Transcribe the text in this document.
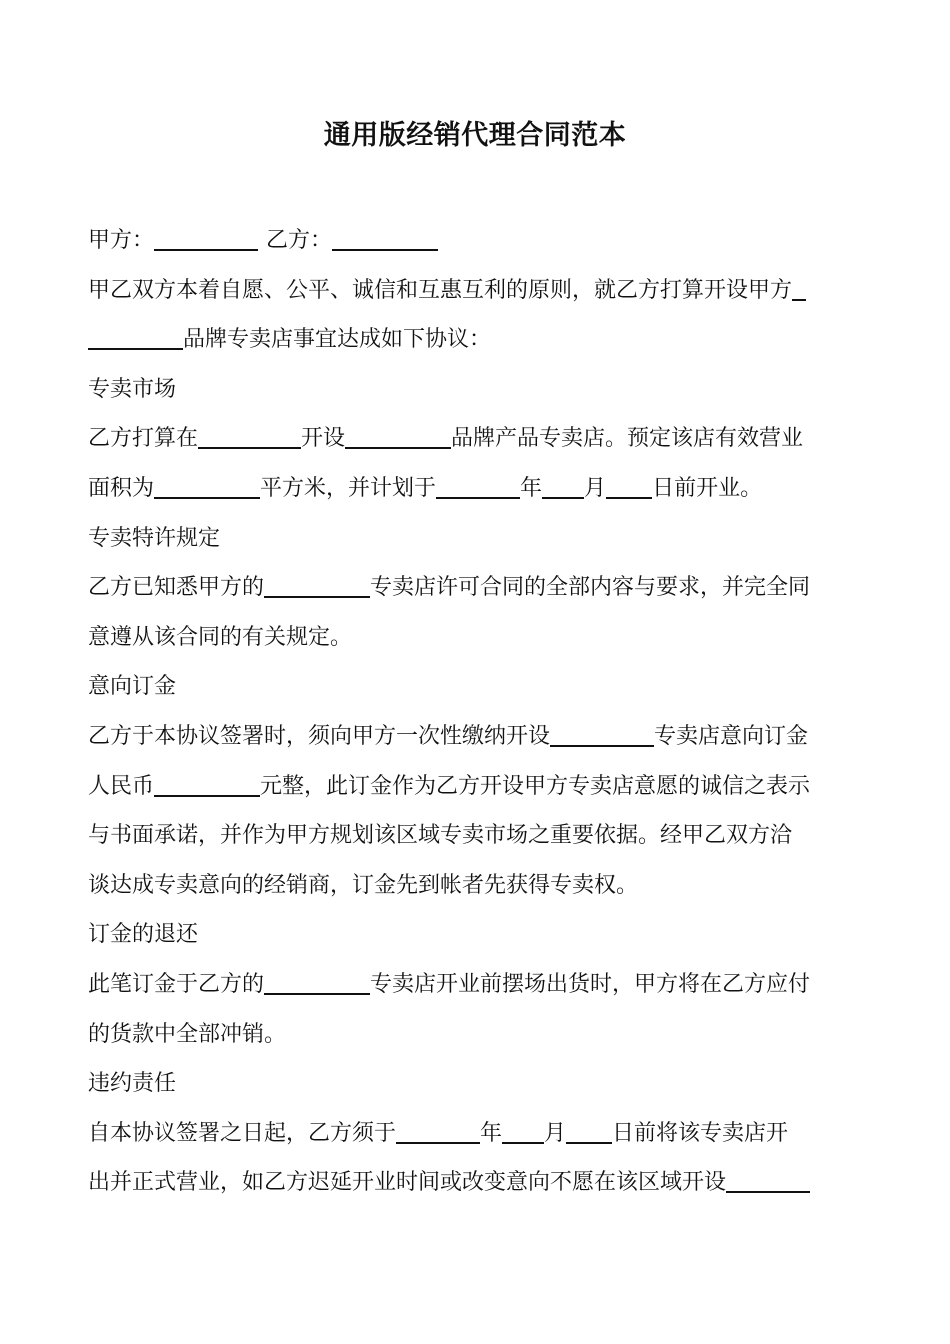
通用版经销代理合同范本
甲方：	乙方：
甲乙双方本着自愿、公平、诚信和互惠互利的原则，就乙方打算开设甲方
品牌专卖店事宜达成如下协议：
专卖市场
乙方打算在	开设	品牌产品专卖店。预定该店有效营业
面积为	平方米，并计划于	年 月 日前开业。
专卖特许规定
乙方已知悉甲方的	专卖店许可合同的全部内容与要求，并完全同
意遵从该合同的有关规定。
意向订金
乙方于本协议签署时，须向甲方一次性缴纳开设	专卖店意向订金
人民币	元整，此订金作为乙方开设甲方专卖店意愿的诚信之表示
与书面承诺，并作为甲方规划该区域专卖市场之重要依据。经甲乙双方洽
谈达成专卖意向的经销商，订金先到帐者先获得专卖权。
订金的退还
此笔订金于乙方的	专卖店开业前摆场出货时，甲方将在乙方应付
的货款中全部冲销。
违约责任
自本协议签署之日起，乙方须于	年 月 日前将该专卖店开
出并正式营业，如乙方迟延开业时间或改变意向不愿在该区域开设
